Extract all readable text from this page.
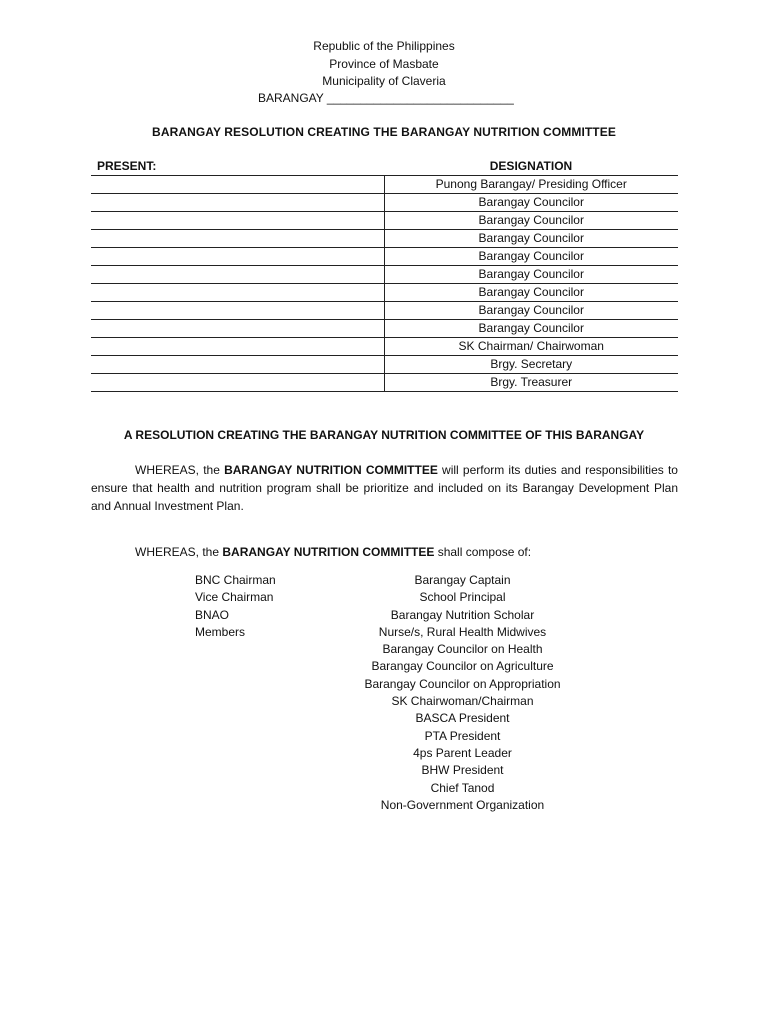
Republic of the Philippines
Province of Masbate
Municipality of Claveria
BARANGAY ____________________________
BARANGAY RESOLUTION CREATING THE BARANGAY NUTRITION COMMITTEE
PRESENT:	DESIGNATION
	Punong Barangay/ Presiding Officer
	Barangay Councilor
	Barangay Councilor
	Barangay Councilor
	Barangay Councilor
	Barangay Councilor
	Barangay Councilor
	Barangay Councilor
	Barangay Councilor
	SK Chairman/ Chairwoman
	Brgy. Secretary
	Brgy. Treasurer
A RESOLUTION CREATING THE BARANGAY NUTRITION COMMITTEE OF THIS BARANGAY
WHEREAS, the BARANGAY NUTRITION COMMITTEE will perform its duties and responsibilities to ensure that health and nutrition program shall be prioritize and included on its Barangay Development Plan and Annual Investment Plan.
WHEREAS, the BARANGAY NUTRITION COMMITTEE shall compose of:
BNC Chairman	Barangay Captain
Vice Chairman	School Principal
BNAO	Barangay Nutrition Scholar
Members	Nurse/s, Rural Health Midwives
Barangay Councilor on Health
Barangay Councilor on Agriculture
Barangay Councilor on Appropriation
SK Chairwoman/Chairman
BASCA President
PTA President
4ps Parent Leader
BHW President
Chief Tanod
Non-Government Organization
